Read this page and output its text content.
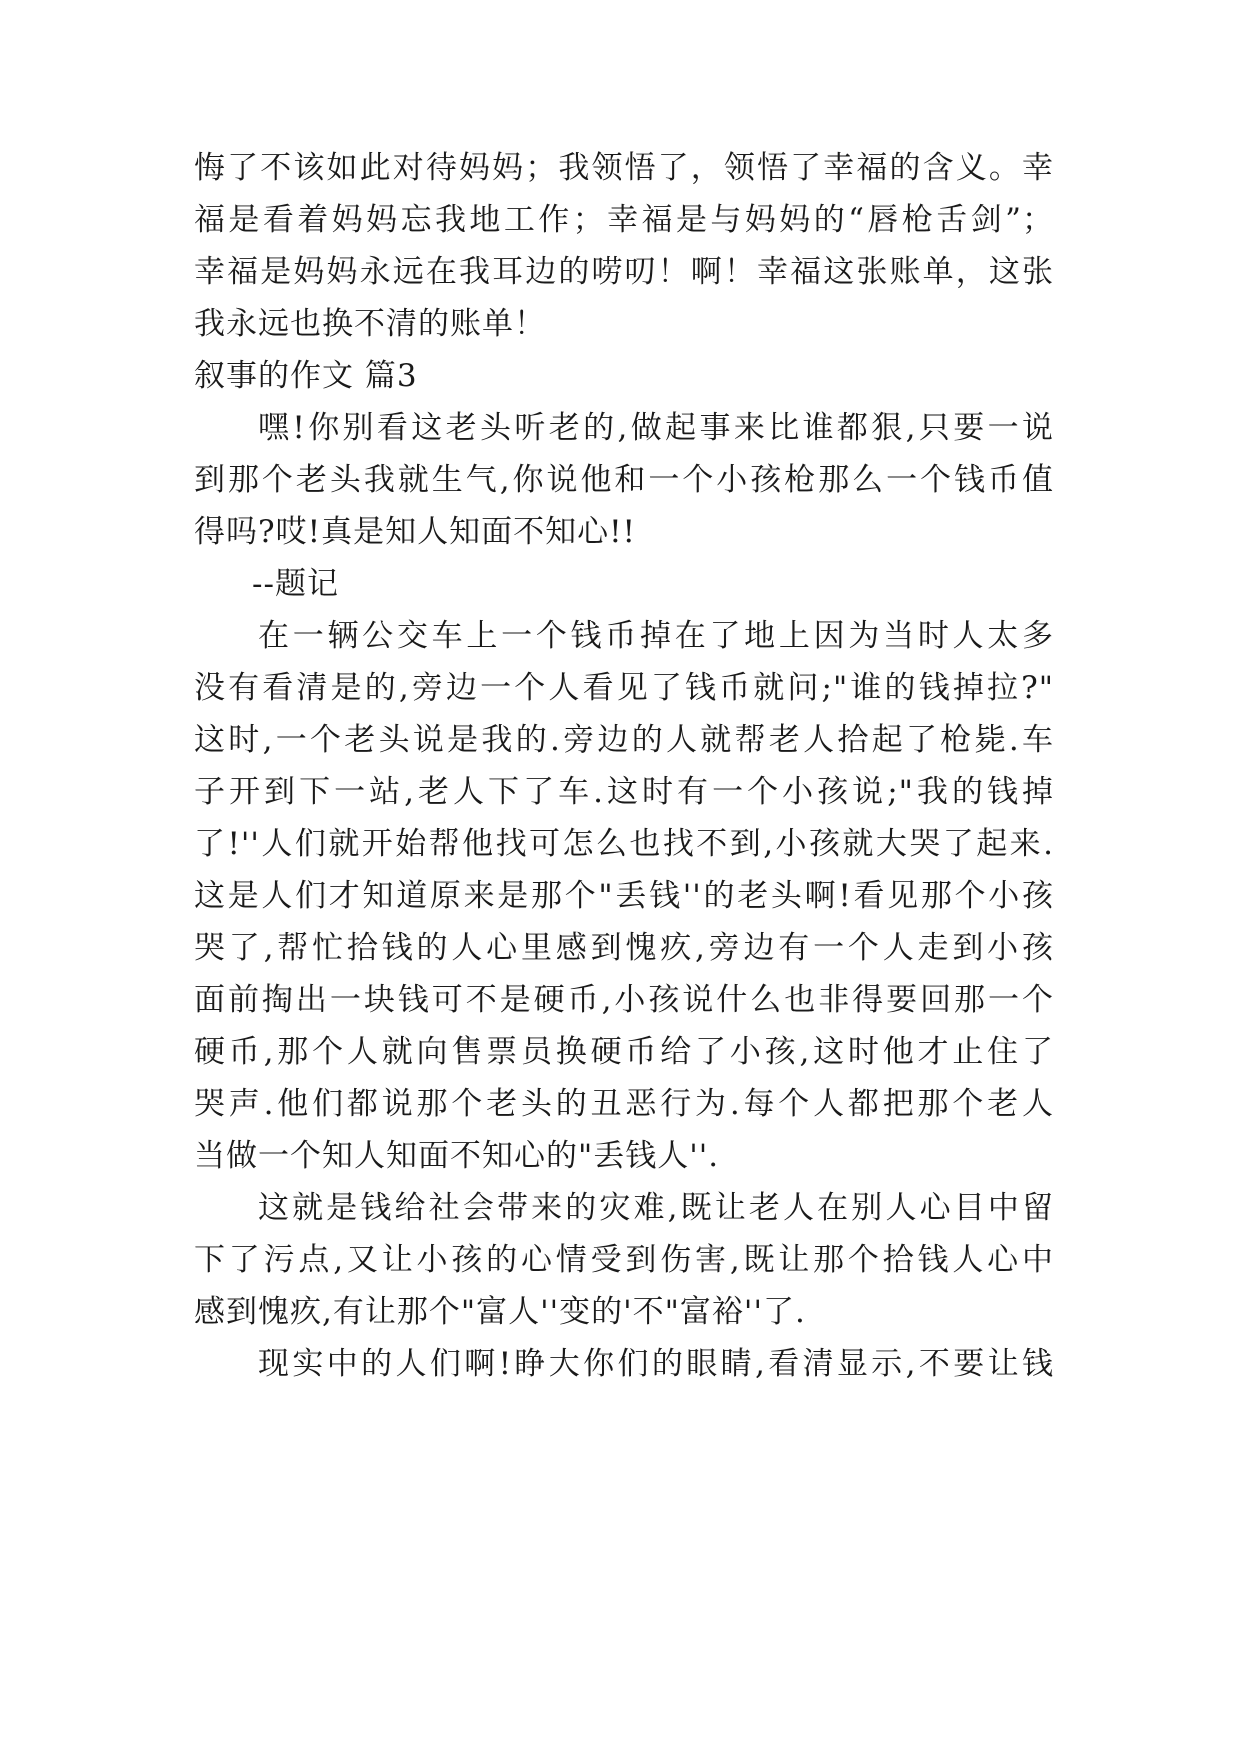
悔了不该如此对待妈妈；我领悟了，领悟了幸福的含义。幸
福是看着妈妈忘我地工作；幸福是与妈妈的“唇枪舌剑”；
幸福是妈妈永远在我耳边的唠叨！啊！幸福这张账单，这张
我永远也换不清的账单！
叙事的作文 篇3
嘿!你别看这老头听老的,做起事来比谁都狠,只要一说
到那个老头我就生气,你说他和一个小孩枪那么一个钱币值
得吗?哎!真是知人知面不知心!!
--题记
在一辆公交车上一个钱币掉在了地上因为当时人太多
没有看清是的,旁边一个人看见了钱币就问;"谁的钱掉拉?"
这时,一个老头说是我的.旁边的人就帮老人拾起了枪毙.车
子开到下一站,老人下了车.这时有一个小孩说;"我的钱掉
了!''人们就开始帮他找可怎么也找不到,小孩就大哭了起来.
这是人们才知道原来是那个"丢钱''的老头啊!看见那个小孩
哭了,帮忙拾钱的人心里感到愧疚,旁边有一个人走到小孩
面前掏出一块钱可不是硬币,小孩说什么也非得要回那一个
硬币,那个人就向售票员换硬币给了小孩,这时他才止住了
哭声.他们都说那个老头的丑恶行为.每个人都把那个老人
当做一个知人知面不知心的"丢钱人''.
这就是钱给社会带来的灾难,既让老人在别人心目中留
下了污点,又让小孩的心情受到伤害,既让那个拾钱人心中
感到愧疚,有让那个"富人''变的'不"富裕''了.
现实中的人们啊!睁大你们的眼睛,看清显示,不要让钱
